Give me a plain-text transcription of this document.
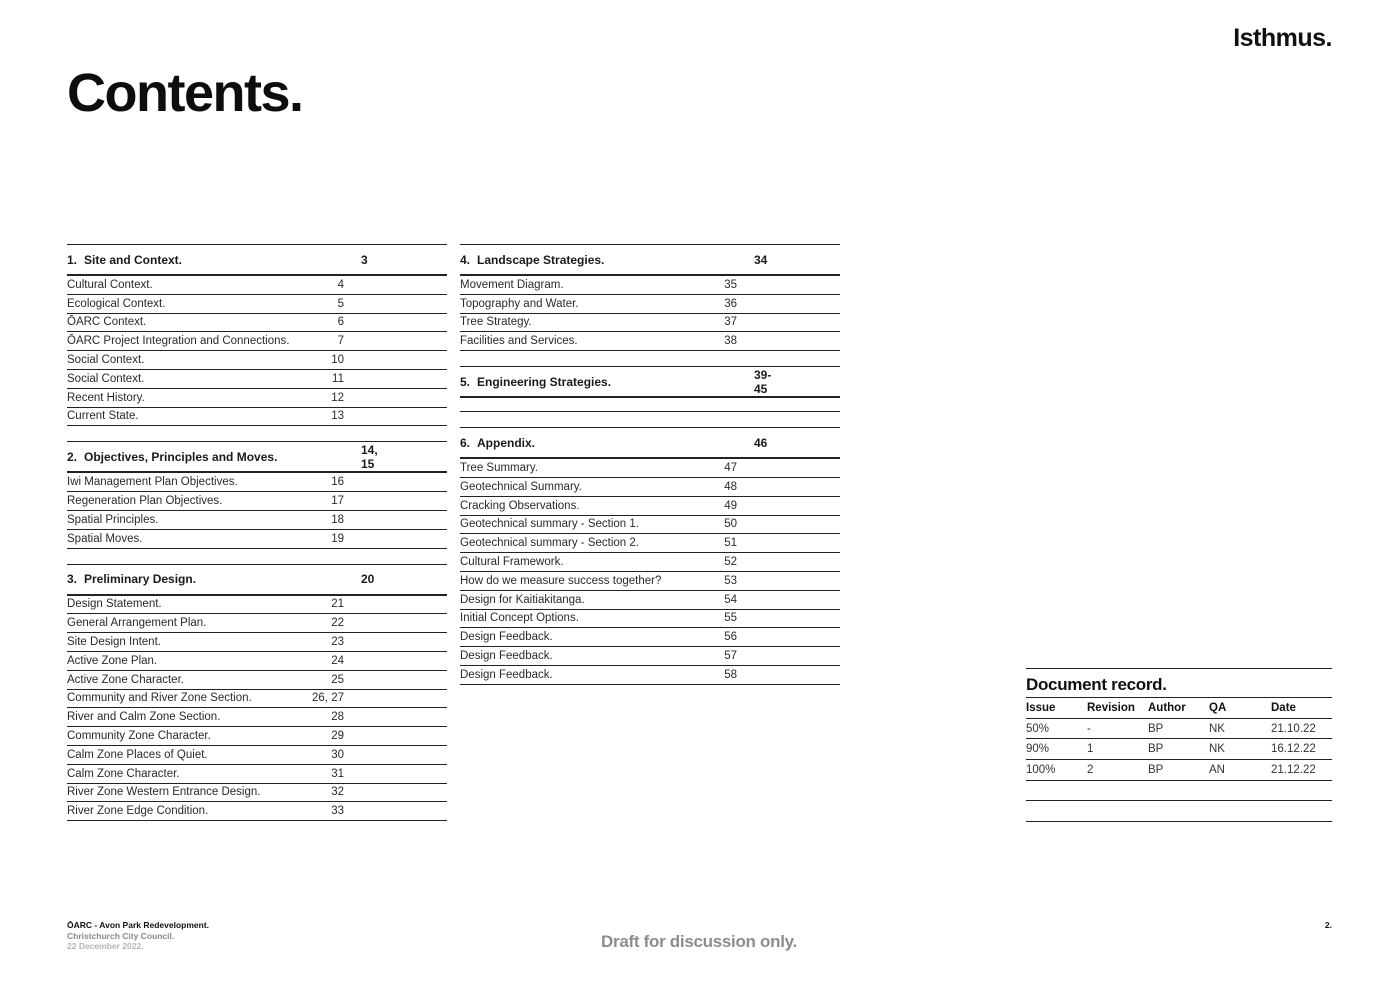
Isthmus.
Contents.
1. Site and Context.	3
Cultural Context.	4
Ecological Context.	5
ŌARC Context.	6
ŌARC Project Integration and Connections.	7
Social Context.	10
Social Context.	11
Recent History.	12
Current State.	13
2. Objectives, Principles and Moves.	14, 15
Iwi Management Plan Objectives.	16
Regeneration Plan Objectives.	17
Spatial Principles.	18
Spatial Moves.	19
3. Preliminary Design.	20
Design Statement.	21
General Arrangement Plan.	22
Site Design Intent.	23
Active Zone Plan.	24
Active Zone Character.	25
Community and River Zone Section.	26, 27
River and Calm Zone Section.	28
Community Zone Character.	29
Calm Zone Places of Quiet.	30
Calm Zone Character.	31
River Zone Western Entrance Design.	32
River Zone Edge Condition.	33
4. Landscape Strategies.	34
Movement Diagram.	35
Topography and Water.	36
Tree Strategy.	37
Facilities and Services.	38
5. Engineering Strategies.	39-45
6. Appendix.	46
Tree Summary.	47
Geotechnical Summary.	48
Cracking Observations.	49
Geotechnical summary - Section 1.	50
Geotechnical summary - Section 2.	51
Cultural Framework.	52
How do we measure success together?	53
Design for Kaitiakitanga.	54
Initial Concept Options.	55
Design Feedback.	56
Design Feedback.	57
Design Feedback.	58
Document record.
Issue	Revision	Author	QA	Date
50%	-	BP	NK	21.10.22
90%	1	BP	NK	16.12.22
100%	2	BP	AN	21.12.22
ŌARC - Avon Park Redevelopment.
Christchurch City Council.
22 December 2022.	Draft for discussion only.
2.
